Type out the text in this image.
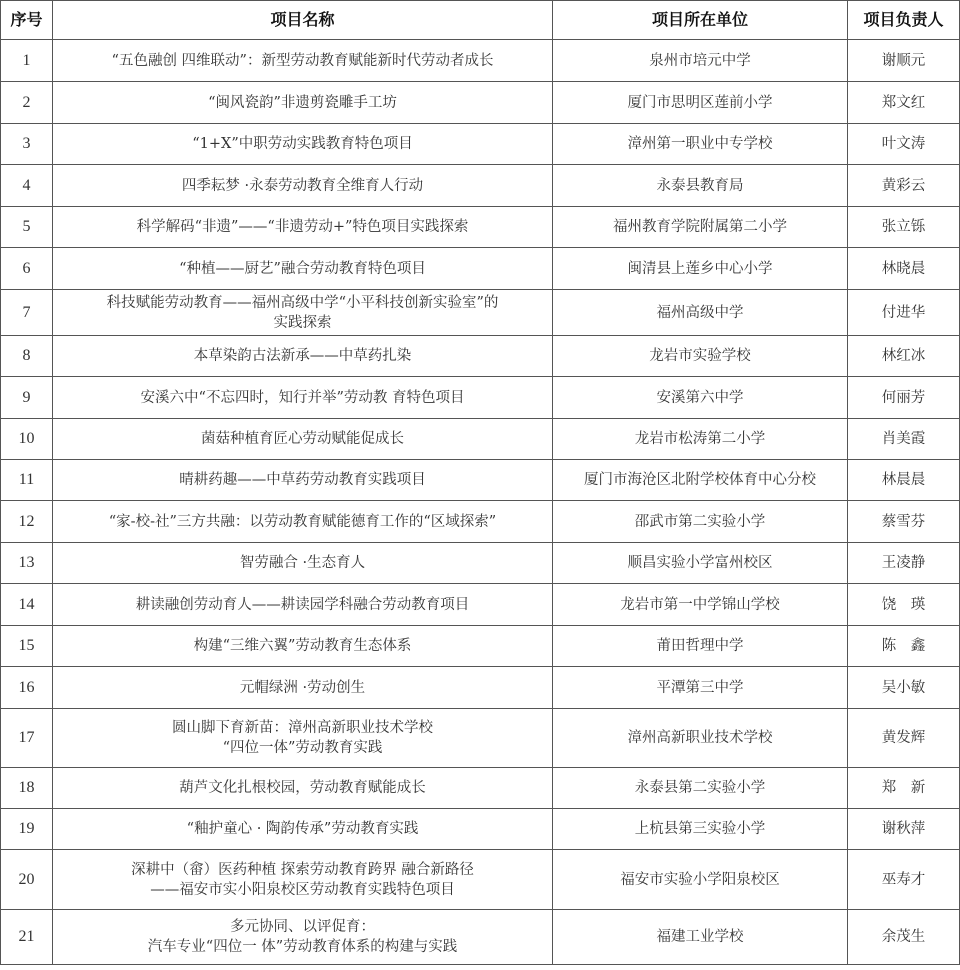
序号	项目名称	项目所在单位	项目负责人
1	“五色融创 四维联动”：新型劳动教育赋能新时代劳动者成长	泉州市培元中学	谢顺元
2	“闽风瓷韵”非遗剪瓷雕手工坊	厦门市思明区莲前小学	郑文红
3	“1+X”中职劳动实践教育特色项目	漳州第一职业中专学校	叶文涛
4	四季耘梦 ·永泰劳动教育全维育人行动	永泰县教育局	黄彩云
5	科学解码“非遗”——“非遗劳动+”特色项目实践探索	福州教育学院附属第二小学	张立铄
6	“种植——厨艺”融合劳动教育特色项目	闽清县上莲乡中心小学	林晓晨
7	科技赋能劳动教育——福州高级中学“小平科技创新实验室”的
实践探索	福州高级中学	付进华
8	本草染韵古法新承——中草药扎染	龙岩市实验学校	林红冰
9	安溪六中“不忘四时，知行并举”劳动教 育特色项目	安溪第六中学	何丽芳
10	菌菇种植育匠心劳动赋能促成长	龙岩市松涛第二小学	肖美霞
11	晴耕药趣——中草药劳动教育实践项目	厦门市海沧区北附学校体育中心分校	林晨晨
12	“家-校-社”三方共融：以劳动教育赋能德育工作的“区域探索”	邵武市第二实验小学	蔡雪芬
13	智劳融合 ·生态育人	顺昌实验小学富州校区	王凌静
14	耕读融创劳动育人——耕读园学科融合劳动教育项目	龙岩市第一中学锦山学校	饶　瑛
15	构建“三维六翼”劳动教育生态体系	莆田哲理中学	陈　鑫
16	元帽绿洲 ·劳动创生	平潭第三中学	吴小敏
17	圆山脚下育新苗：漳州高新职业技术学校
“四位一体”劳动教育实践	漳州高新职业技术学校	黄发辉
18	葫芦文化扎根校园，劳动教育赋能成长	永泰县第二实验小学	郑　新
19	“釉护童心 · 陶韵传承”劳动教育实践	上杭县第三实验小学	谢秋萍
20	深耕中（畲）医药种植 探索劳动教育跨界 融合新路径
——福安市实小阳泉校区劳动教育实践特色项目	福安市实验小学阳泉校区	巫寿才
21	多元协同、以评促育：
汽车专业“四位一 体”劳动教育体系的构建与实践	福建工业学校	余茂生
